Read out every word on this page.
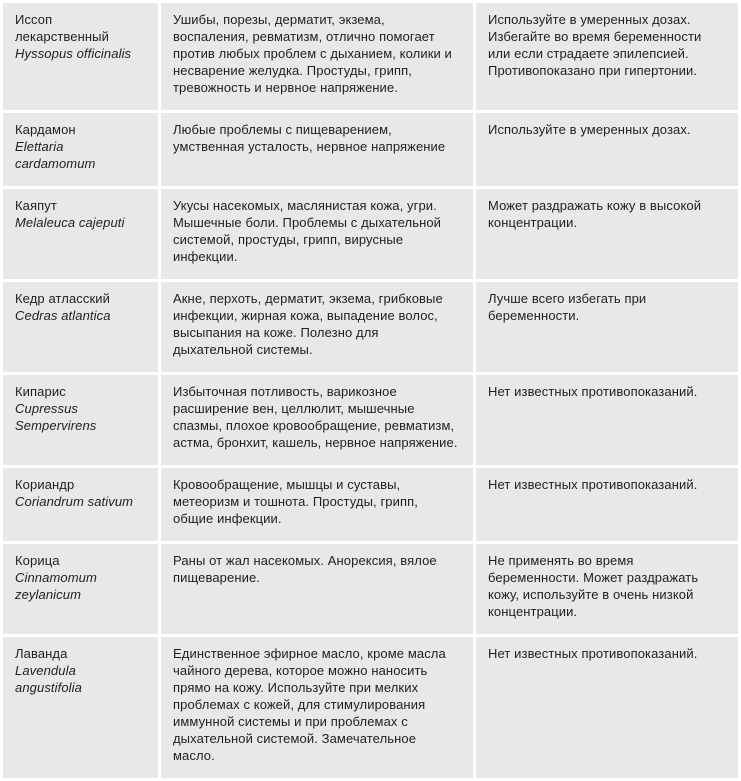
Иссоп лекарственный
Hyssopus officinalis	Ушибы, порезы, дерматит, экзема, воспаления, ревматизм, отлично помогает против любых проблем с дыханием, колики и несварение желудка. Простуды, грипп, тревожность и нервное напряжение.	Используйте в умеренных дозах. Избегайте во время беременности или если страдаете эпилепсией. Противопоказано при гипертонии.

Кардамон
Elettaria cardamomum	Любые проблемы с пищеварением, умственная усталость, нервное напряжение	Используйте в умеренных дозах.

Каяпут
Melaleuca cajeputi	Укусы насекомых, маслянистая кожа, угри. Мышечные боли. Проблемы с дыхательной системой, простуды, грипп, вирусные инфекции.	Может раздражать кожу в высокой концентрации.

Кедр атласский
Cedras atlantica	Акне, перхоть, дерматит, экзема, грибковые инфекции, жирная кожа, выпадение волос, высыпания на коже. Полезно для дыхательной системы.	Лучше всего избегать при беременности.

Кипарис
Cupressus Sempervirens	Избыточная потливость, варикозное расширение вен, целлюлит, мышечные спазмы, плохое кровообращение, ревматизм, астма, бронхит, кашель, нервное напряжение.	Нет известных противопоказаний.

Кориандр
Coriandrum sativum	Кровообращение, мышцы и суставы, метеоризм и тошнота. Простуды, грипп, общие инфекции.	Нет известных противопоказаний.

Корица
Cinnamomum zeylanicum	Раны от жал насекомых. Анорексия, вялое пищеварение.	Не применять во время беременности. Может раздражать кожу, используйте в очень низкой концентрации.

Лаванда
Lavendula angustifolia	Единственное эфирное масло, кроме масла чайного дерева, которое можно наносить прямо на кожу. Используйте при мелких проблемах с кожей, для стимулирования иммунной системы и при проблемах с дыхательной системой. Замечательное масло.	Нет известных противопоказаний.
